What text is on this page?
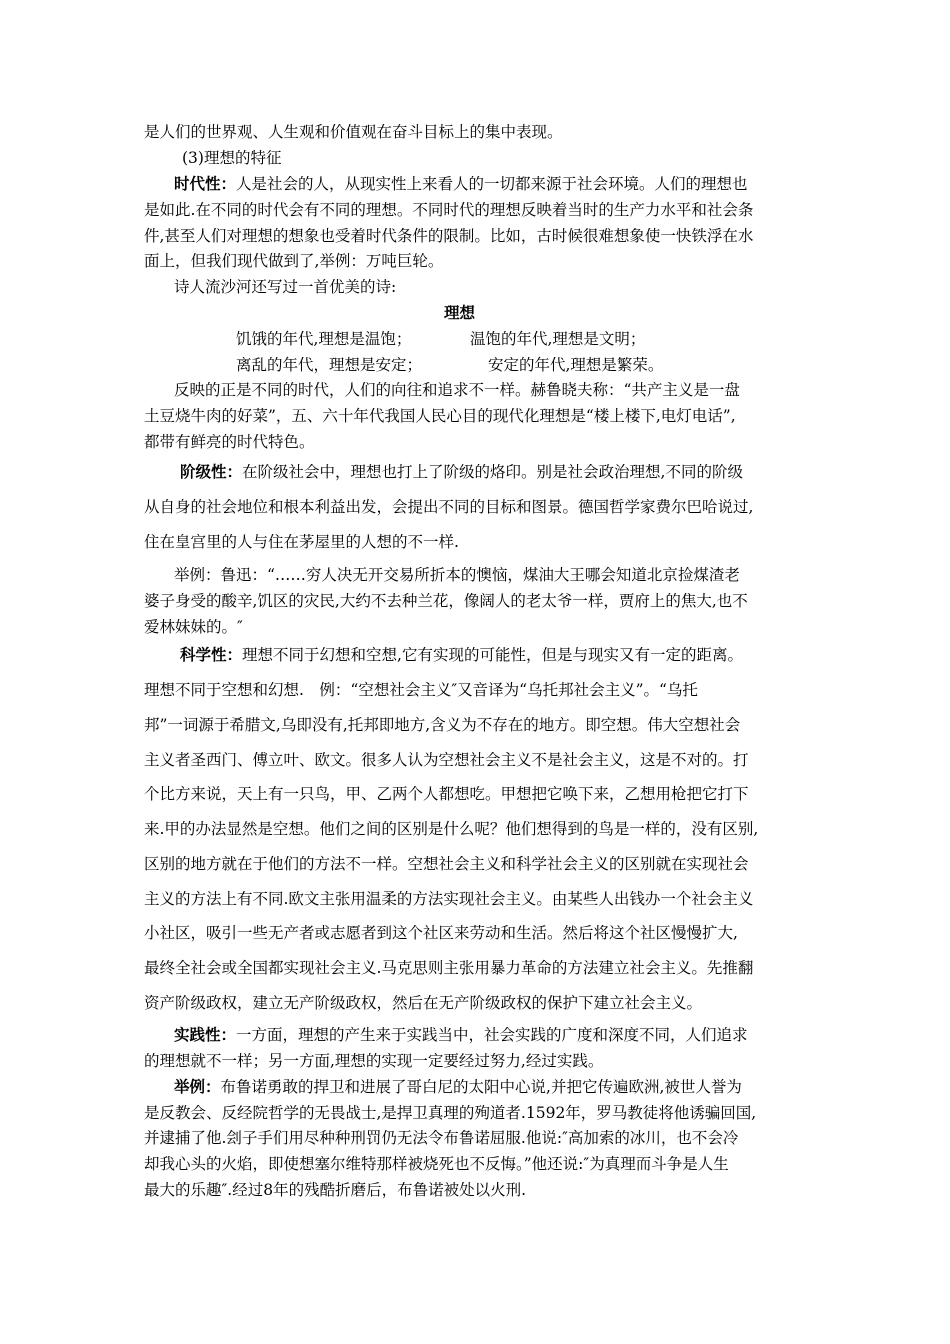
是人们的世界观、人生观和价值观在奋斗目标上的集中表现。
(3)理想的特征
时代性：人是社会的人，从现实性上来看人的一切都来源于社会环境。人们的理想也
是如此.在不同的时代会有不同的理想。不同时代的理想反映着当时的生产力水平和社会条
件,甚至人们对理想的想象也受着时代条件的限制。比如，古时候很难想象使一快铁浮在水
面上，但我们现代做到了,举例：万吨巨轮。
诗人流沙河还写过一首优美的诗:
理想
饥饿的年代,理想是温饱；	温饱的年代,理想是文明；
离乱的年代，理想是安定；	安定的年代,理想是繁荣。
反映的正是不同的时代，人们的向往和追求不一样。赫鲁晓夫称：“共产主义是一盘
土豆烧牛肉的好菜”，五、六十年代我国人民心目的现代化理想是“楼上楼下,电灯电话”,
都带有鲜亮的时代特色。
阶级性：在阶级社会中，理想也打上了阶级的烙印。别是社会政治理想,不同的阶级
从自身的社会地位和根本利益出发，会提出不同的目标和图景。德国哲学家费尔巴哈说过,
住在皇宫里的人与住在茅屋里的人想的不一样.
举例：鲁迅：“……穷人决无开交易所折本的懊恼，煤油大王哪会知道北京捡煤渣老
婆子身受的酸辛,饥区的灾民,大约不去种兰花，像阔人的老太爷一样，贾府上的焦大,也不
爱林妹妹的。″
科学性：理想不同于幻想和空想,它有实现的可能性，但是与现实又有一定的距离。
理想不同于空想和幻想.　例：“空想社会主义″又音译为“乌托邦社会主义”。“乌托
邦”一词源于希腊文,乌即没有,托邦即地方,含义为不存在的地方。即空想。伟大空想社会
主义者圣西门、傅立叶、欧文。很多人认为空想社会主义不是社会主义，这是不对的。打
个比方来说，天上有一只鸟，甲、乙两个人都想吃。甲想把它唤下来，乙想用枪把它打下
来.甲的办法显然是空想。他们之间的区别是什么呢？他们想得到的鸟是一样的，没有区别,
区别的地方就在于他们的方法不一样。空想社会主义和科学社会主义的区别就在实现社会
主义的方法上有不同.欧文主张用温柔的方法实现社会主义。由某些人出钱办一个社会主义
小社区，吸引一些无产者或志愿者到这个社区来劳动和生活。然后将这个社区慢慢扩大,
最终全社会或全国都实现社会主义.马克思则主张用暴力革命的方法建立社会主义。先推翻
资产阶级政权，建立无产阶级政权，然后在无产阶级政权的保护下建立社会主义。
实践性：一方面，理想的产生来于实践当中，社会实践的广度和深度不同，人们追求
的理想就不一样；另一方面,理想的实现一定要经过努力,经过实践。
举例：布鲁诺勇敢的捍卫和进展了哥白尼的太阳中心说,并把它传遍欧洲,被世人誉为
是反教会、反经院哲学的无畏战士,是捍卫真理的殉道者.1592年，罗马教徒将他诱骗回国,
并逮捕了他.刽子手们用尽种种刑罚仍无法令布鲁诺屈服.他说:″高加索的冰川，也不会冷
却我心头的火焰，即使想塞尔维特那样被烧死也不反悔。”他还说:″为真理而斗争是人生
最大的乐趣″.经过8年的残酷折磨后，布鲁诺被处以火刑.
